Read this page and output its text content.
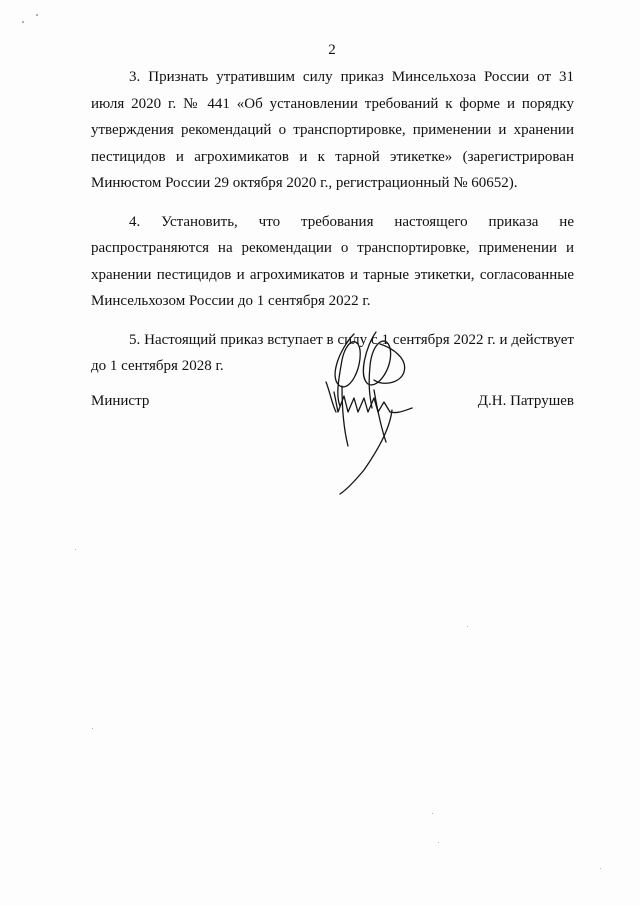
2

3. Признать утратившим силу приказ Минсельхоза России от 31 июля 2020 г. № 441 «Об установлении требований к форме и порядку утверждения рекомендаций о транспортировке, применении и хранении пестицидов и агрохимикатов и к тарной этикетке» (зарегистрирован Минюстом России 29 октября 2020 г., регистрационный № 60652).

4. Установить, что требования настоящего приказа не распространяются на рекомендации о транспортировке, применении и хранении пестицидов и агрохимикатов и тарные этикетки, согласованные Минсельхозом России до 1 сентября 2022 г.

5. Настоящий приказ вступает в силу с 1 сентября 2022 г. и действует до 1 сентября 2028 г.

Министр	Д.Н. Патрушев
